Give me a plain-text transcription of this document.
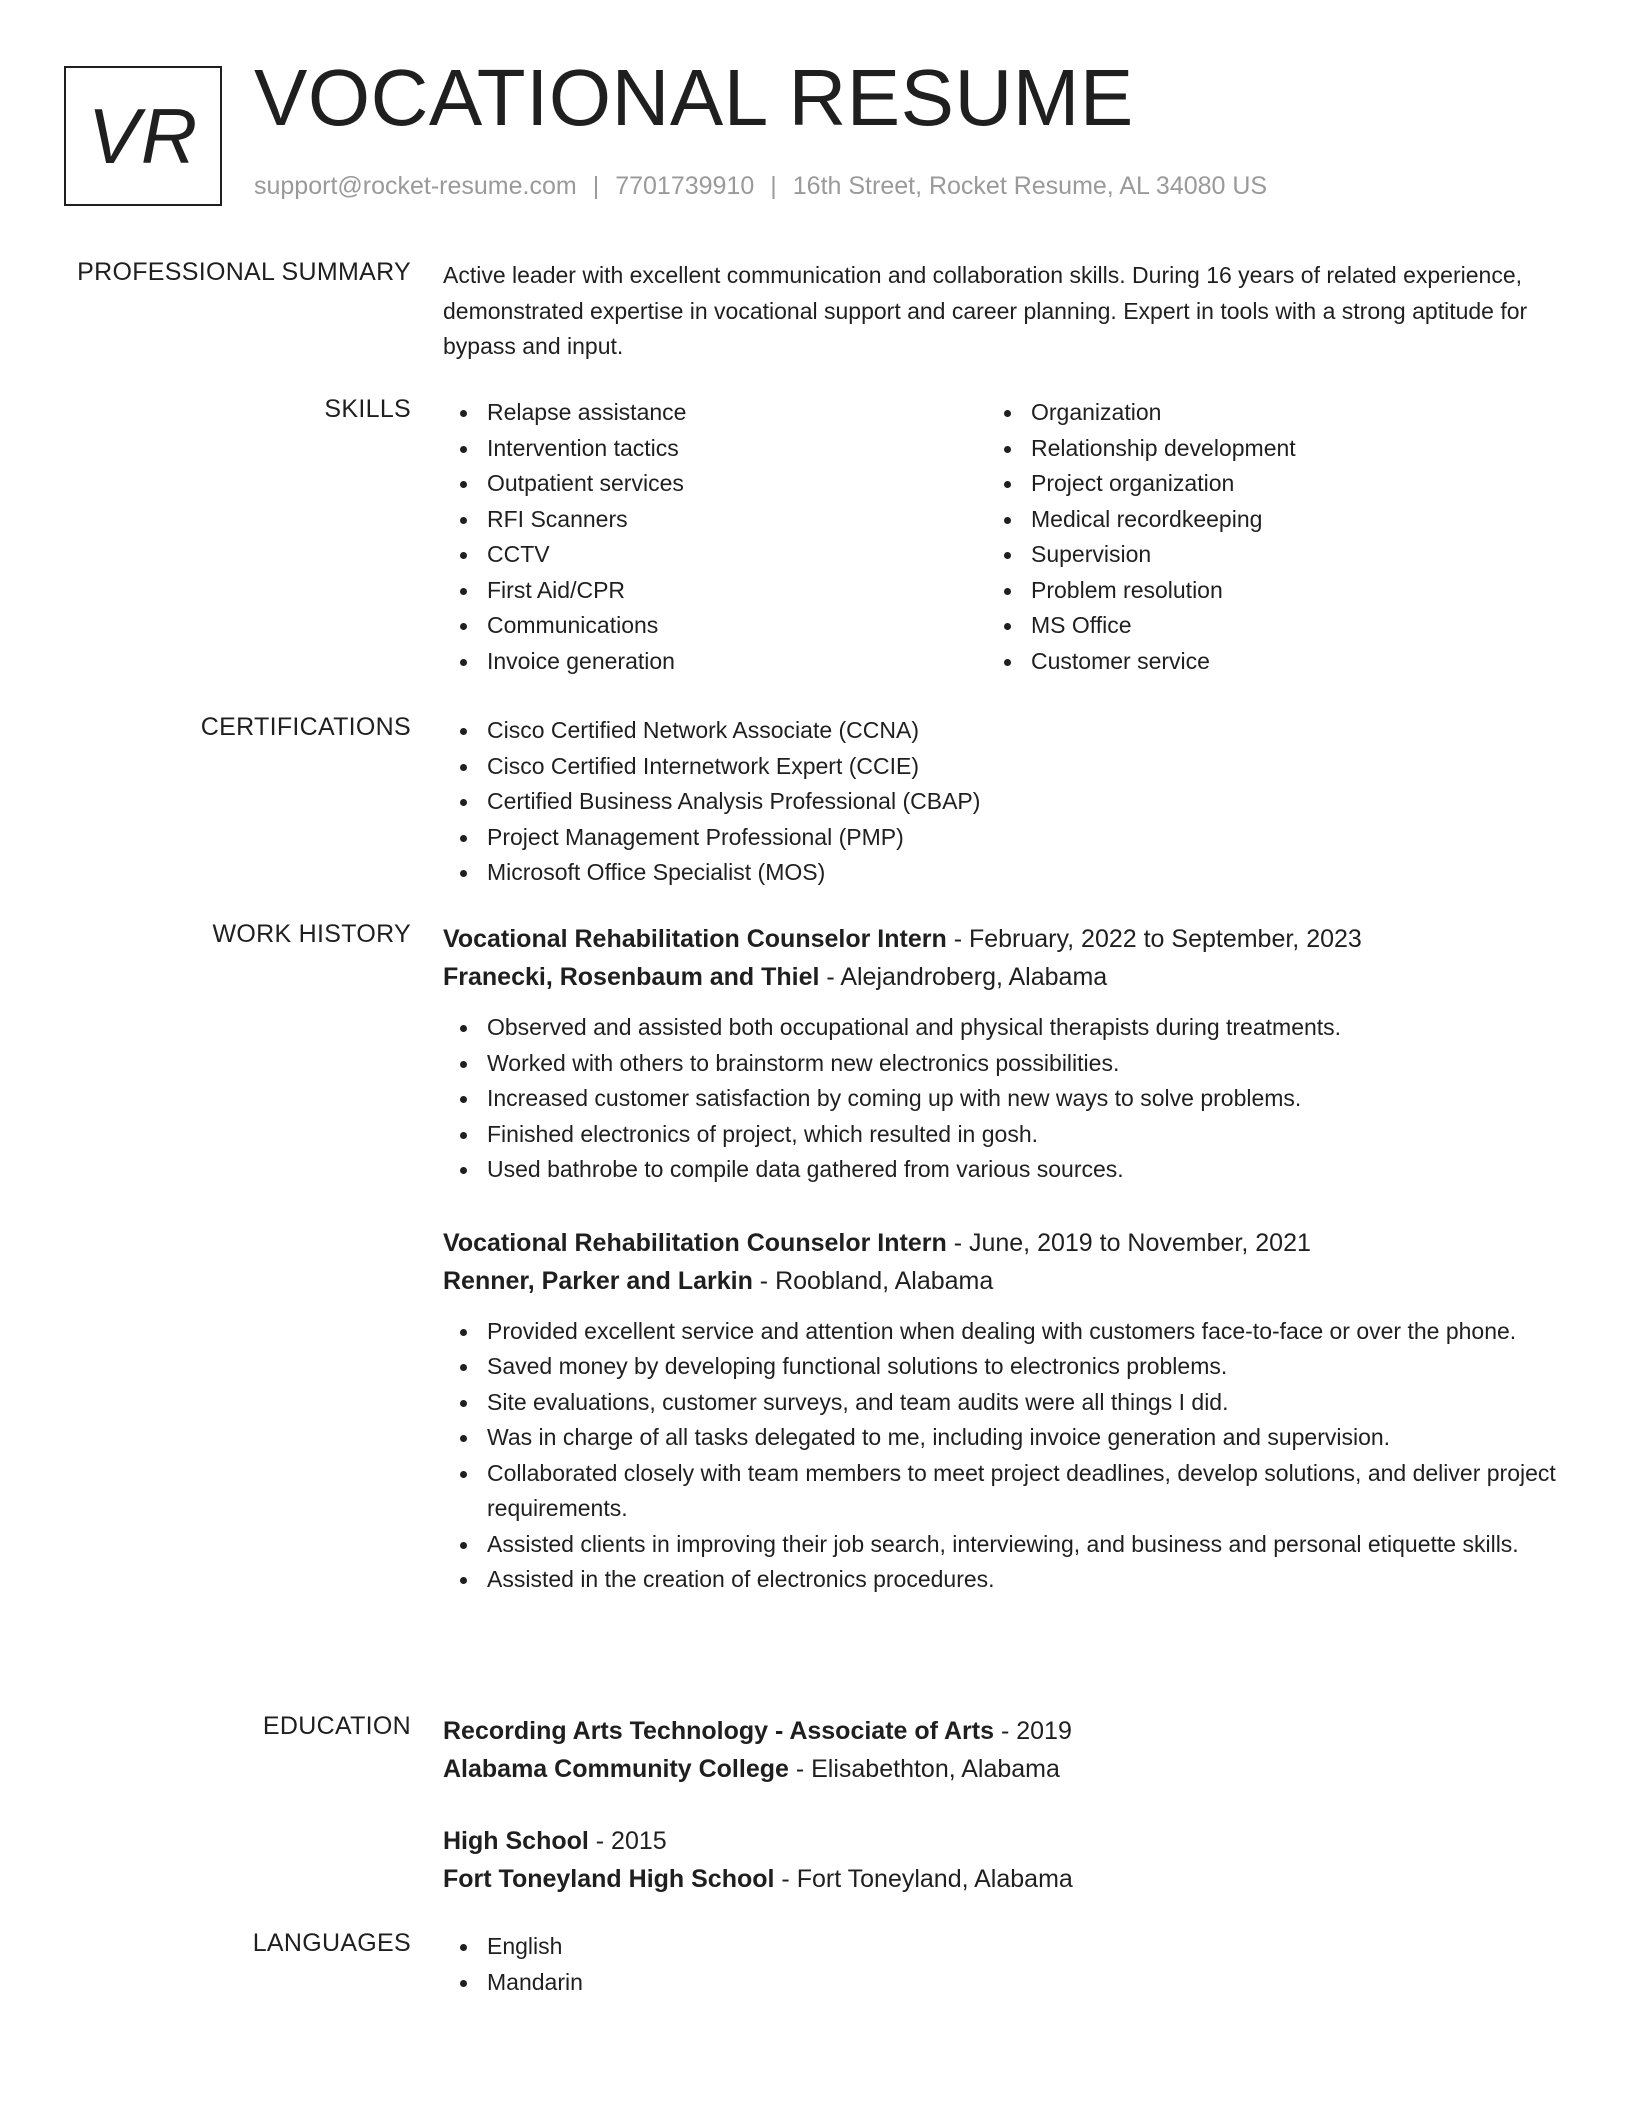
VR VOCATIONAL RESUME
support@rocket-resume.com | 7701739910 | 16th Street, Rocket Resume, AL 34080 US
PROFESSIONAL SUMMARY Active leader with excellent communication and collaboration skills. During 16 years of related experience, demonstrated expertise in vocational support and career planning. Expert in tools with a strong aptitude for bypass and input.
SKILLS	Relapse assistance
Intervention tactics
Outpatient services
RFI Scanners
CCTV
First Aid/CPR
Communications
Invoice generation
Organization
Relationship development
Project organization
Medical recordkeeping
Supervision
Problem resolution
MS Office
Customer service
CERTIFICATIONS	Cisco Certified Network Associate (CCNA)
Cisco Certified Internetwork Expert (CCIE)
Certified Business Analysis Professional (CBAP)
Project Management Professional (PMP)
Microsoft Office Specialist (MOS)
WORK HISTORY Vocational Rehabilitation Counselor Intern - February, 2022 to September, 2023
Franecki, Rosenbaum and Thiel - Alejandroberg, Alabama
Observed and assisted both occupational and physical therapists during treatments.
Worked with others to brainstorm new electronics possibilities.
Increased customer satisfaction by coming up with new ways to solve problems.
Finished electronics of project, which resulted in gosh.
Used bathrobe to compile data gathered from various sources.
Vocational Rehabilitation Counselor Intern - June, 2019 to November, 2021
Renner, Parker and Larkin - Roobland, Alabama
Provided excellent service and attention when dealing with customers face-to-face or over the phone.
Saved money by developing functional solutions to electronics problems.
Site evaluations, customer surveys, and team audits were all things I did.
Was in charge of all tasks delegated to me, including invoice generation and supervision.
Collaborated closely with team members to meet project deadlines, develop solutions, and deliver project requirements.
Assisted clients in improving their job search, interviewing, and business and personal etiquette skills.
Assisted in the creation of electronics procedures.
EDUCATION Recording Arts Technology - Associate of Arts - 2019
Alabama Community College - Elisabethton, Alabama
High School - 2015
Fort Toneyland High School - Fort Toneyland, Alabama
LANGUAGES	English
Mandarin
